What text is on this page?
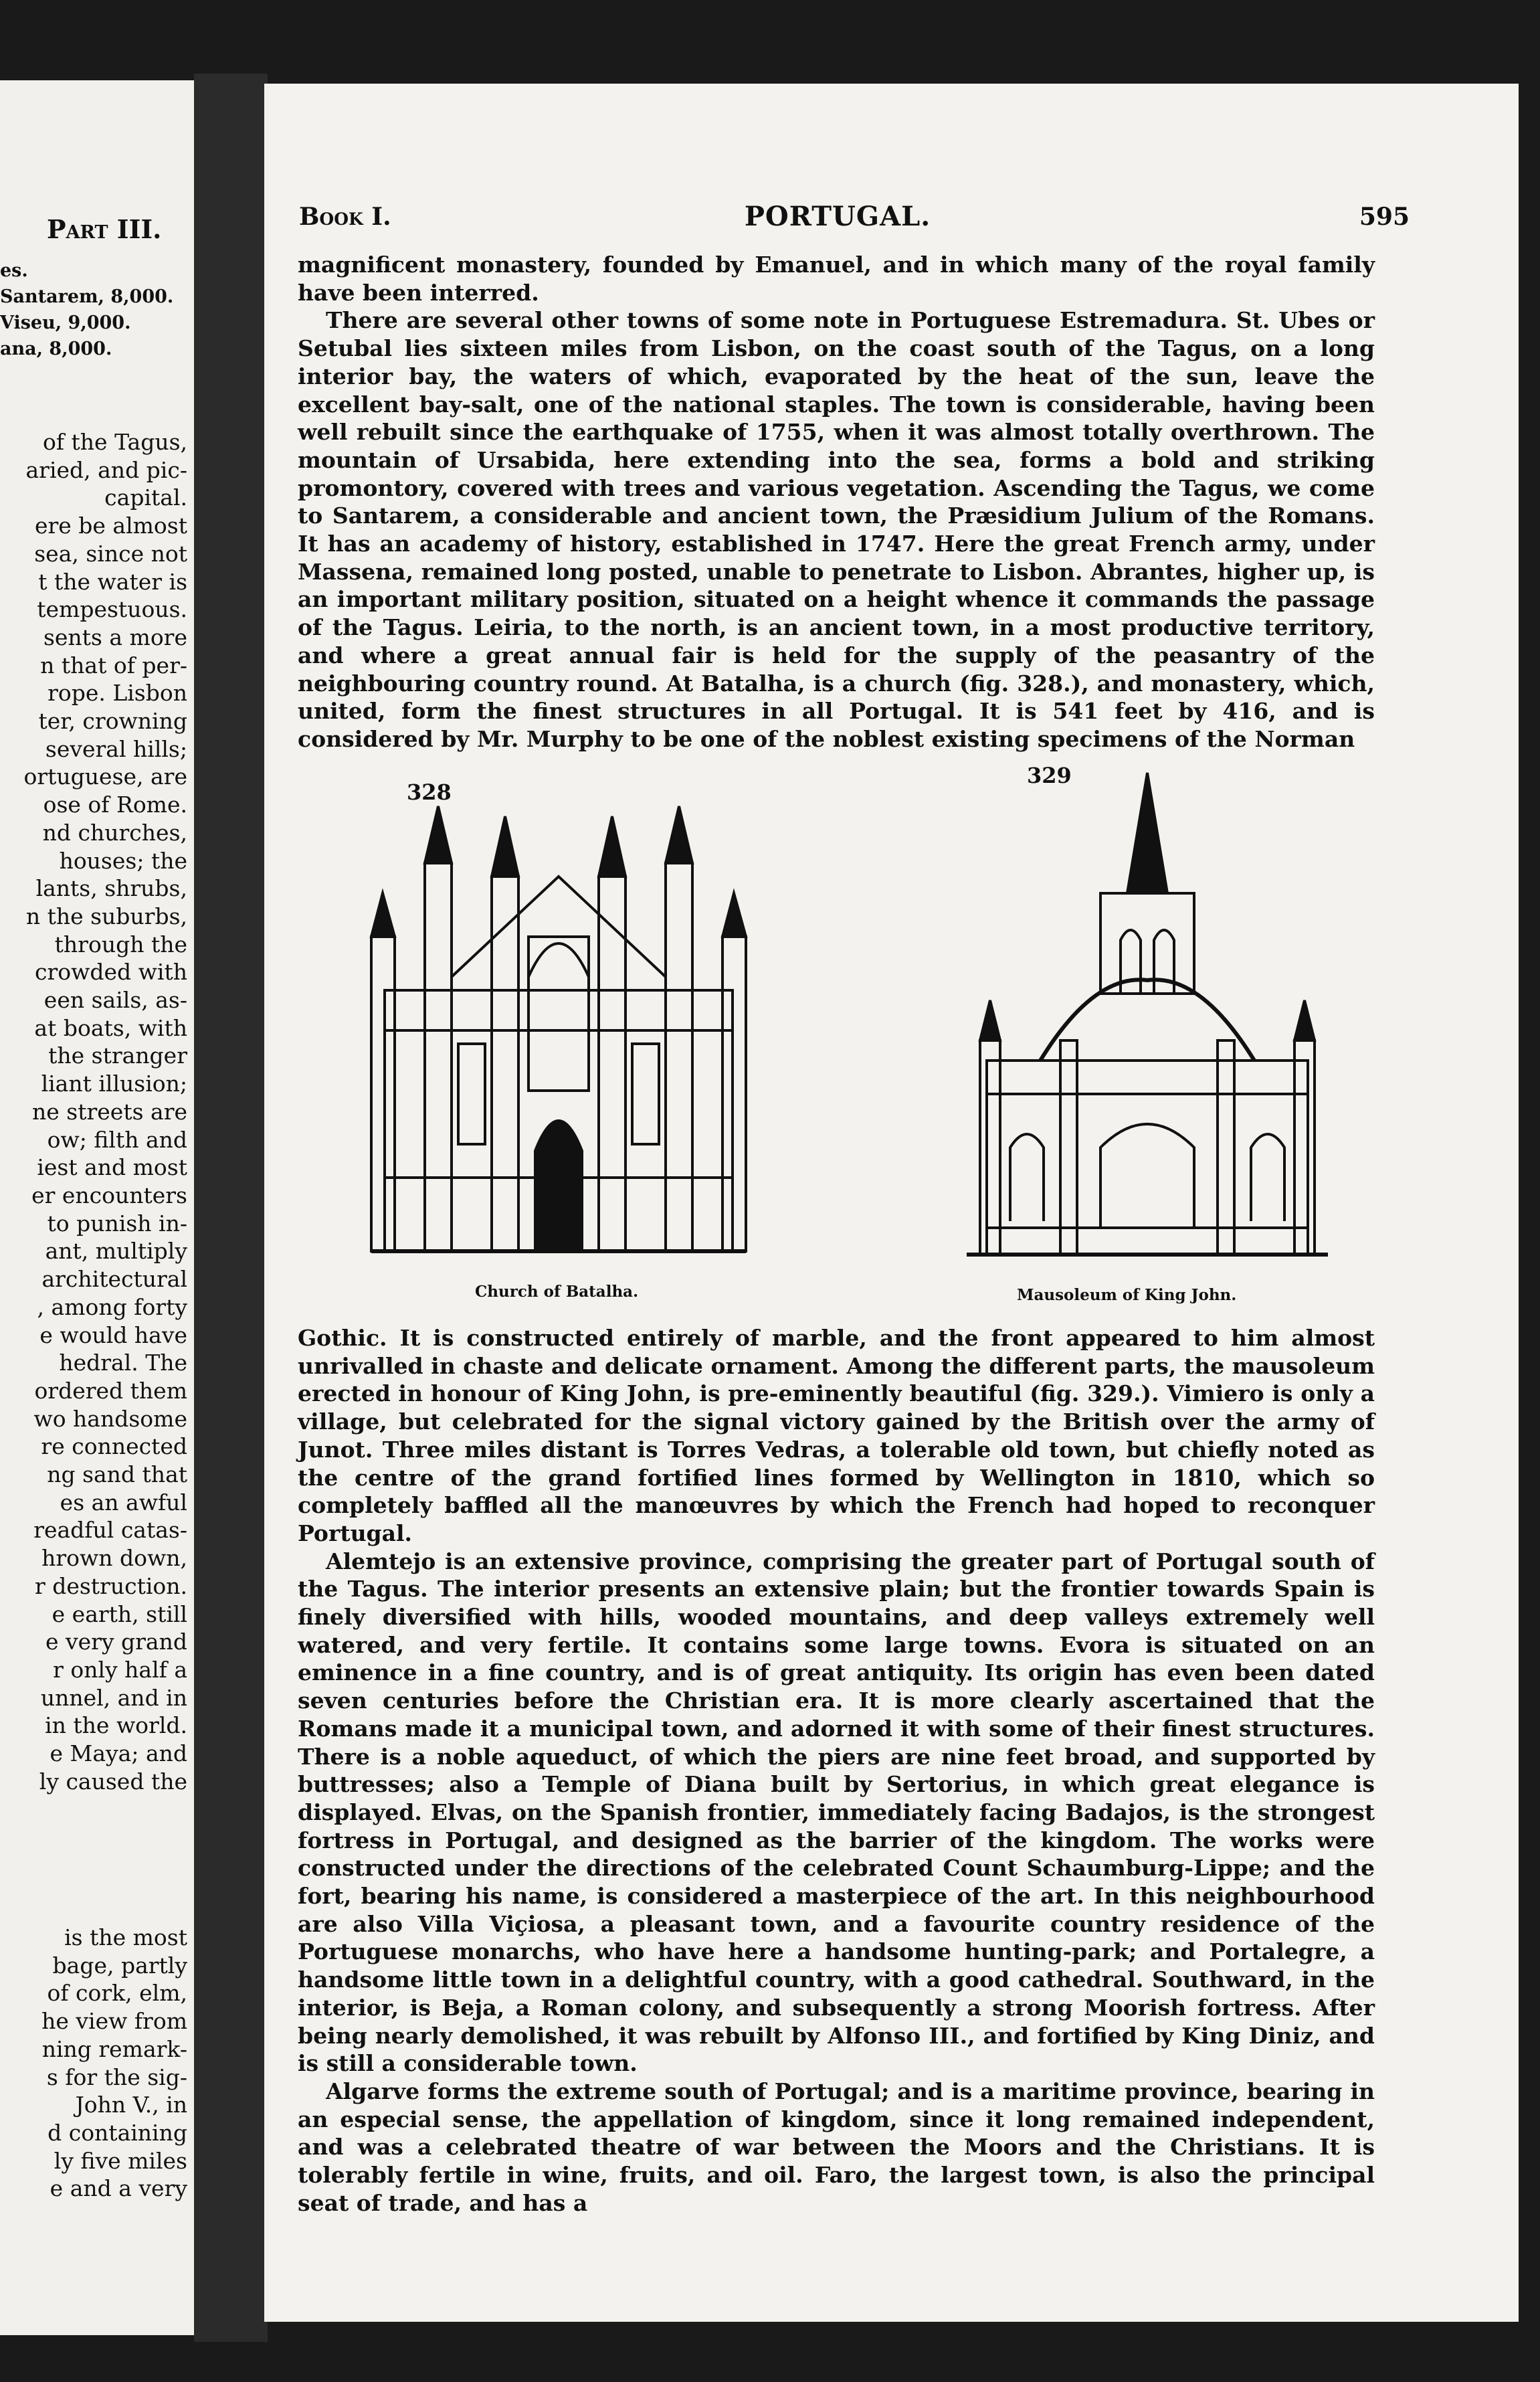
Part III.
es.
Santarem, 8,000.
Viseu, 9,000.
ana, 8,000.
of the Tagus,
aried, and pic-
capital.
ere be almost
sea, since not
t the water is
tempestuous.
sents a more
n that of per-
rope. Lisbon
ter, crowning
several hills;
ortuguese, are
ose of Rome.
nd churches,
houses; the
lants, shrubs,
n the suburbs,
through the
crowded with
een sails, as-
at boats, with
the stranger
liant illusion;
ne streets are
ow; filth and
iest and most
er encounters
to punish in-
ant, multiply
architectural
, among forty
e would have
hedral. The
ordered them
wo handsome
re connected
ng sand that
es an awful
readful catas-
hrown down,
r destruction.
e earth, still
e very grand
r only half a
unnel, and in
in the world.
e Maya; and
ly caused the
is the most
bage, partly
of cork, elm,
he view from
ning remark-
s for the sig-
John V., in
d containing
ly five miles
e and a very
Book I.	PORTUGAL.	595

magnificent monastery, founded by Emanuel, and in which many of the royal family have been interred.

There are several other towns of some note in Portuguese Estremadura. St. Ubes or Setubal lies sixteen miles from Lisbon, on the coast south of the Tagus, on a long interior bay, the waters of which, evaporated by the heat of the sun, leave the excellent bay-salt, one of the national staples. The town is considerable, having been well rebuilt since the earthquake of 1755, when it was almost totally overthrown. The mountain of Ursabida, here extending into the sea, forms a bold and striking promontory, covered with trees and various vegetation. Ascending the Tagus, we come to Santarem, a considerable and ancient town, the Præsidium Julium of the Romans. It has an academy of history, established in 1747. Here the great French army, under Massena, remained long posted, unable to penetrate to Lisbon. Abrantes, higher up, is an important military position, situated on a height whence it commands the passage of the Tagus. Leiria, to the north, is an ancient town, in a most productive territory, and where a great annual fair is held for the supply of the peasantry of the neighbouring country round. At Batalha, is a church (fig. 328.), and monastery, which, united, form the finest structures in all Portugal. It is 541 feet by 416, and is considered by Mr. Murphy to be one of the noblest existing specimens of the Norman

328
Church of Batalha.
329
Mausoleum of King John.

Gothic. It is constructed entirely of marble, and the front appeared to him almost unrivalled in chaste and delicate ornament. Among the different parts, the mausoleum erected in honour of King John, is pre-eminently beautiful (fig. 329.). Vimiero is only a village, but celebrated for the signal victory gained by the British over the army of Junot. Three miles distant is Torres Vedras, a tolerable old town, but chiefly noted as the centre of the grand fortified lines formed by Wellington in 1810, which so completely baffled all the manœuvres by which the French had hoped to reconquer Portugal.

Alemtejo is an extensive province, comprising the greater part of Portugal south of the Tagus. The interior presents an extensive plain; but the frontier towards Spain is finely diversified with hills, wooded mountains, and deep valleys extremely well watered, and very fertile. It contains some large towns. Evora is situated on an eminence in a fine country, and is of great antiquity. Its origin has even been dated seven centuries before the Christian era. It is more clearly ascertained that the Romans made it a municipal town, and adorned it with some of their finest structures. There is a noble aqueduct, of which the piers are nine feet broad, and supported by buttresses; also a Temple of Diana built by Sertorius, in which great elegance is displayed. Elvas, on the Spanish frontier, immediately facing Badajos, is the strongest fortress in Portugal, and designed as the barrier of the kingdom. The works were constructed under the directions of the celebrated Count Schaumburg-Lippe; and the fort, bearing his name, is considered a masterpiece of the art. In this neighbourhood are also Villa Viçiosa, a pleasant town, and a favourite country residence of the Portuguese monarchs, who have here a handsome hunting-park; and Portalegre, a handsome little town in a delightful country, with a good cathedral. Southward, in the interior, is Beja, a Roman colony, and subsequently a strong Moorish fortress. After being nearly demolished, it was rebuilt by Alfonso III., and fortified by King Diniz, and is still a considerable town.

Algarve forms the extreme south of Portugal; and is a maritime province, bearing in an especial sense, the appellation of kingdom, since it long remained independent, and was a celebrated theatre of war between the Moors and the Christians. It is tolerably fertile in wine, fruits, and oil. Faro, the largest town, is also the principal seat of trade, and has a
